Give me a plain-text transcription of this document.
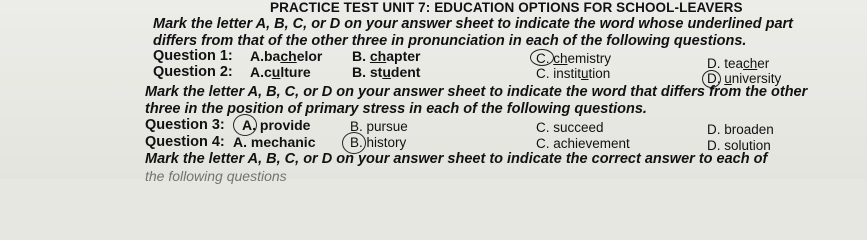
PRACTICE TEST UNIT 7: EDUCATION OPTIONS FOR SCHOOL-LEAVERS
Mark the letter A, B, C, or D on your answer sheet to indicate the word whose underlined part
differs from that of the other three in pronunciation in each of the following questions.
Question 1: A.bachelor B. chapter	C. chemistry	D. teacher
Question 2: A.culture	B. student	C. institution	D. university
Mark the letter A, B, C, or D on your answer sheet to indicate the word that differs from the other
three in the position of primary stress in each of the following questions.
Question 3: A. provide	B. pursue	C. succeed	D. broaden
Question 4: A. mechanic	B. history	C. achievement	D. solution
Mark the letter A, B, C, or D on your answer sheet to indicate the correct answer to each of
the following questions
